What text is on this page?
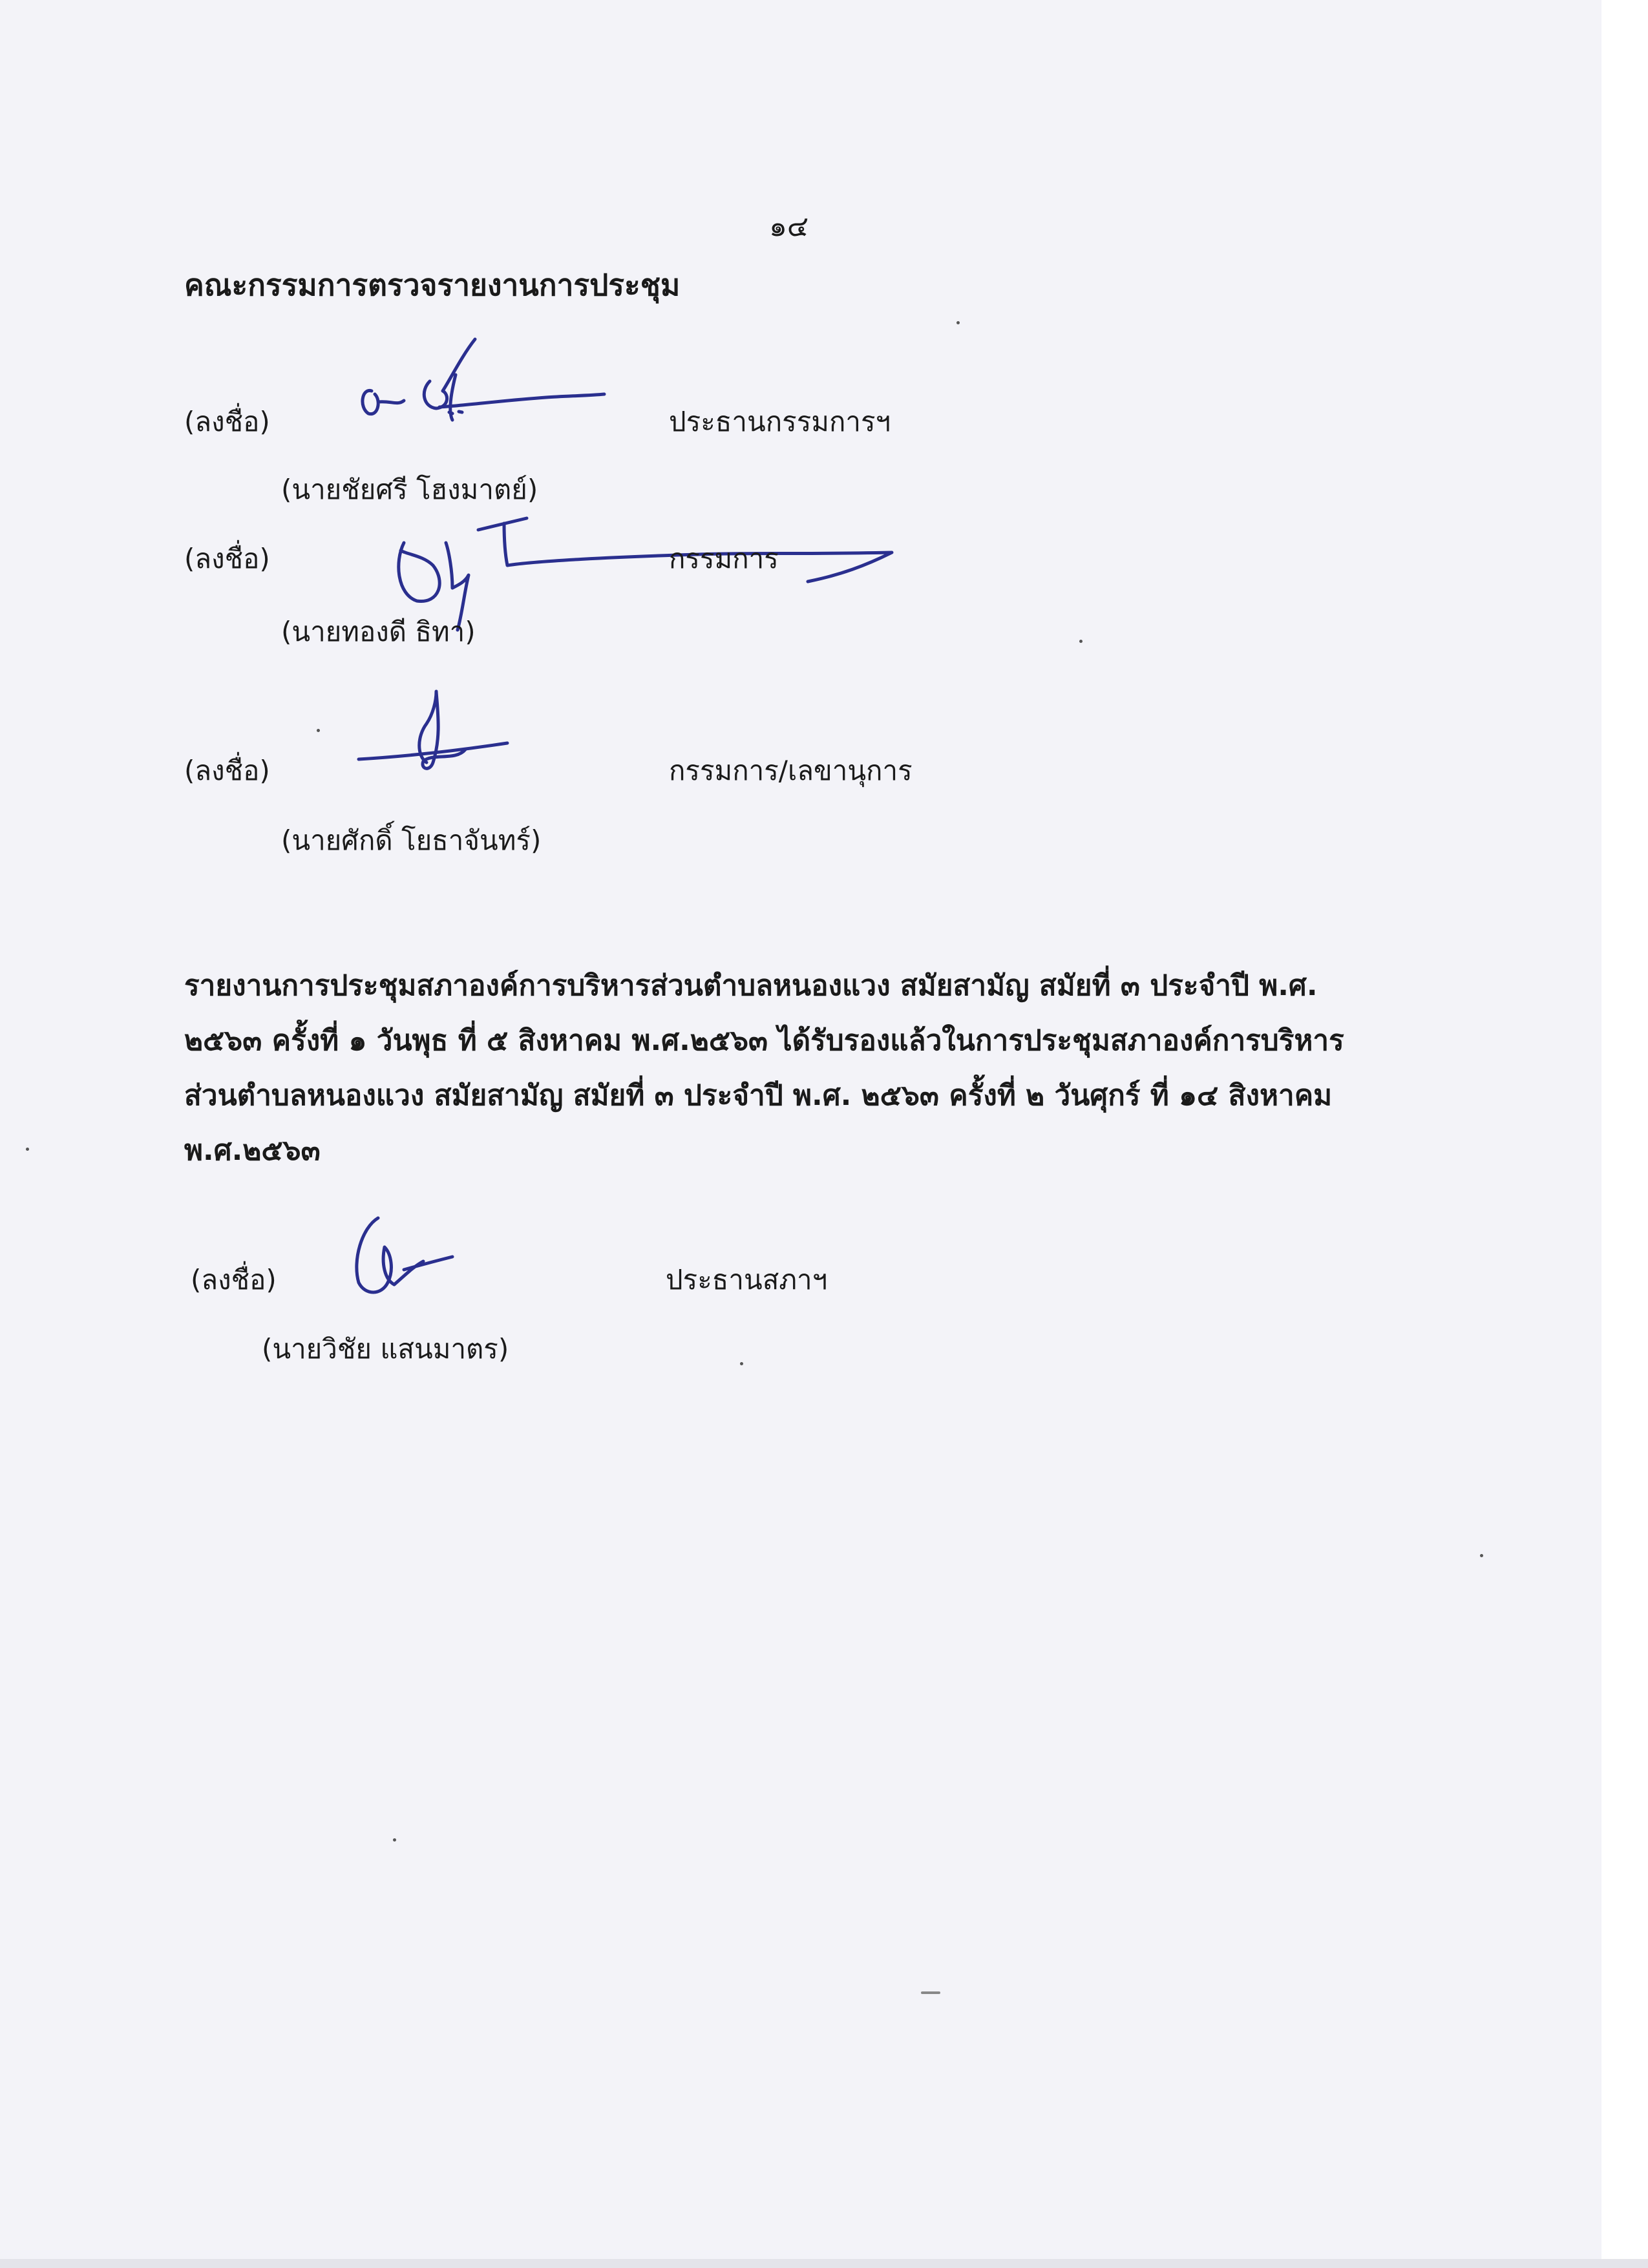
๑๔
คณะกรรมการตรวจรายงานการประชุม
(ลงชื่อ)	ประธานกรรมการฯ
(นายชัยศรี โฮงมาตย์)
(ลงชื่อ)	กรรมการ
(นายทองดี ธิทา)
(ลงชื่อ)	กรรมการ/เลขานุการ
(นายศักดิ์ โยธาจันทร์)
รายงานการประชุมสภาองค์การบริหารส่วนตำบลหนองแวง สมัยสามัญ สมัยที่ ๓ ประจำปี พ.ศ.
๒๕๖๓ ครั้งที่ ๑ วันพุธ ที่ ๕ สิงหาคม พ.ศ.๒๕๖๓ ได้รับรองแล้วในการประชุมสภาองค์การบริหาร
ส่วนตำบลหนองแวง สมัยสามัญ สมัยที่ ๓ ประจำปี พ.ศ. ๒๕๖๓ ครั้งที่ ๒ วันศุกร์ ที่ ๑๔ สิงหาคม
พ.ศ.๒๕๖๓
(ลงชื่อ)	ประธานสภาฯ
(นายวิชัย แสนมาตร)
